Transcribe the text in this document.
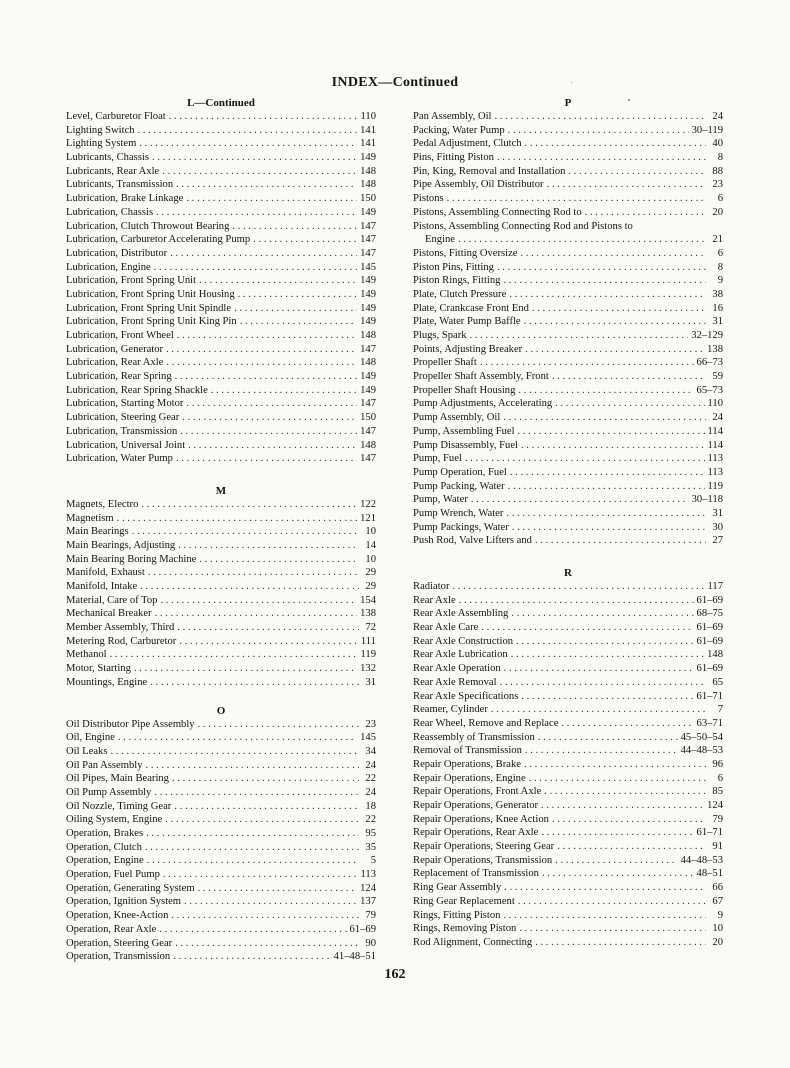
INDEX—Continued
L—Continued
Level, Carburetor Float . . .	110
Lighting Switch . . .	141
Lighting System . . .	141
Lubricants, Chassis . . .	149
Lubricants, Rear Axle . . .	148
Lubricants, Transmission . . .	148
Lubrication, Brake Linkage . . .	150
Lubrication, Chassis . . .	149
Lubrication, Clutch Throwout Bearing . . .	147
Lubrication, Carburetor Accelerating Pump . . .	147
Lubrication, Distributor . . .	147
Lubrication, Engine . . .	145
Lubrication, Front Spring Unit . . .	149
Lubrication, Front Spring Unit Housing . . .	149
Lubrication, Front Spring Unit Spindle . . .	149
Lubrication, Front Spring Unit King Pin . . .	149
Lubrication, Front Wheel . . .	148
Lubrication, Generator . . .	147
Lubrication, Rear Axle . . .	148
Lubrication, Rear Spring . . .	149
Lubrication, Rear Spring Shackle . . .	149
Lubrication, Starting Motor . . .	147
Lubrication, Steering Gear . . .	150
Lubrication, Transmission . . .	147
Lubrication, Universal Joint . . .	148
Lubrication, Water Pump . . .	147
M
Magnets, Electro . . .	122
Magnetism . . .	121
Main Bearings . . .	10
Main Bearings, Adjusting . . .	14
Main Bearing Boring Machine . . .	10
Manifold, Exhaust . . .	29
Manifold, Intake . . .	29
Material, Care of Top . . .	154
Mechanical Breaker . . .	138
Member Assembly, Third . . .	72
Metering Rod, Carburetor . . .	111
Methanol . . .	119
Motor, Starting . . .	132
Mountings, Engine . . .	31
O
Oil Distributor Pipe Assembly . . .	23
Oil, Engine . . .	145
Oil Leaks . . .	34
Oil Pan Assembly . . .	24
Oil Pipes, Main Bearing . . .	22
Oil Pump Assembly . . .	24
Oil Nozzle, Timing Gear . . .	18
Oiling System, Engine . . .	22
Operation, Brakes . . .	95
Operation, Clutch . . .	35
Operation, Engine . . .	5
Operation, Fuel Pump . . .	113
Operation, Generating System . . .	124
Operation, Ignition System . . .	137
Operation, Knee-Action . . .	79
Operation, Rear Axle . . .	61–69
Operation, Steering Gear . . .	90
Operation, Transmission . . .	41–48–51
P
Pan Assembly, Oil . . .	24
Packing, Water Pump . . .	30–119
Pedal Adjustment, Clutch . . .	40
Pins, Fitting Piston . . .	8
Pin, King, Removal and Installation . . .	88
Pipe Assembly, Oil Distributor . . .	23
Pistons . . .	6
Pistons, Assembling Connecting Rod to . . .	20
Pistons, Assembling Connecting Rod and Pistons to
Engine . . .	21
Pistons, Fitting Oversize . . .	6
Piston Pins, Fitting . . .	8
Piston Rings, Fitting . . .	9
Plate, Clutch Pressure . . .	38
Plate, Crankcase Front End . . .	16
Plate, Water Pump Baffle . . .	31
Plugs, Spark . . .	32–129
Points, Adjusting Breaker . . .	138
Propeller Shaft . . .	66–73
Propeller Shaft Assembly, Front . . .	59
Propeller Shaft Housing . . .	65–73
Pump Adjustments, Accelerating . . .	110
Pump Assembly, Oil . . .	24
Pump, Assembling Fuel . . .	114
Pump Disassembly, Fuel . . .	114
Pump, Fuel . . .	113
Pump Operation, Fuel . . .	113
Pump Packing, Water . . .	119
Pump, Water . . .	30–118
Pump Wrench, Water . . .	31
Pump Packings, Water . . .	30
Push Rod, Valve Lifters and . . .	27
R
Radiator . . .	117
Rear Axle . . .	61–69
Rear Axle Assembling . . .	68–75
Rear Axle Care . . .	61–69
Rear Axle Construction . . .	61–69
Rear Axle Lubrication . . .	148
Rear Axle Operation . . .	61–69
Rear Axle Removal . . .	65
Rear Axle Specifications . . .	61–71
Reamer, Cylinder . . .	7
Rear Wheel, Remove and Replace . . .	63–71
Reassembly of Transmission . . .	45–50–54
Removal of Transmission . . .	44–48–53
Repair Operations, Brake . . .	96
Repair Operations, Engine . . .	6
Repair Operations, Front Axle . . .	85
Repair Operations, Generator . . .	124
Repair Operations, Knee Action . . .	79
Repair Operations, Rear Axle . . .	61–71
Repair Operations, Steering Gear . . .	91
Repair Operations, Transmission . . .	44–48–53
Replacement of Transmission . . .	48–51
Ring Gear Assembly . . .	66
Ring Gear Replacement . . .	67
Rings, Fitting Piston . . .	9
Rings, Removing Piston . . .	10
Rod Alignment, Connecting . . .	20
162
